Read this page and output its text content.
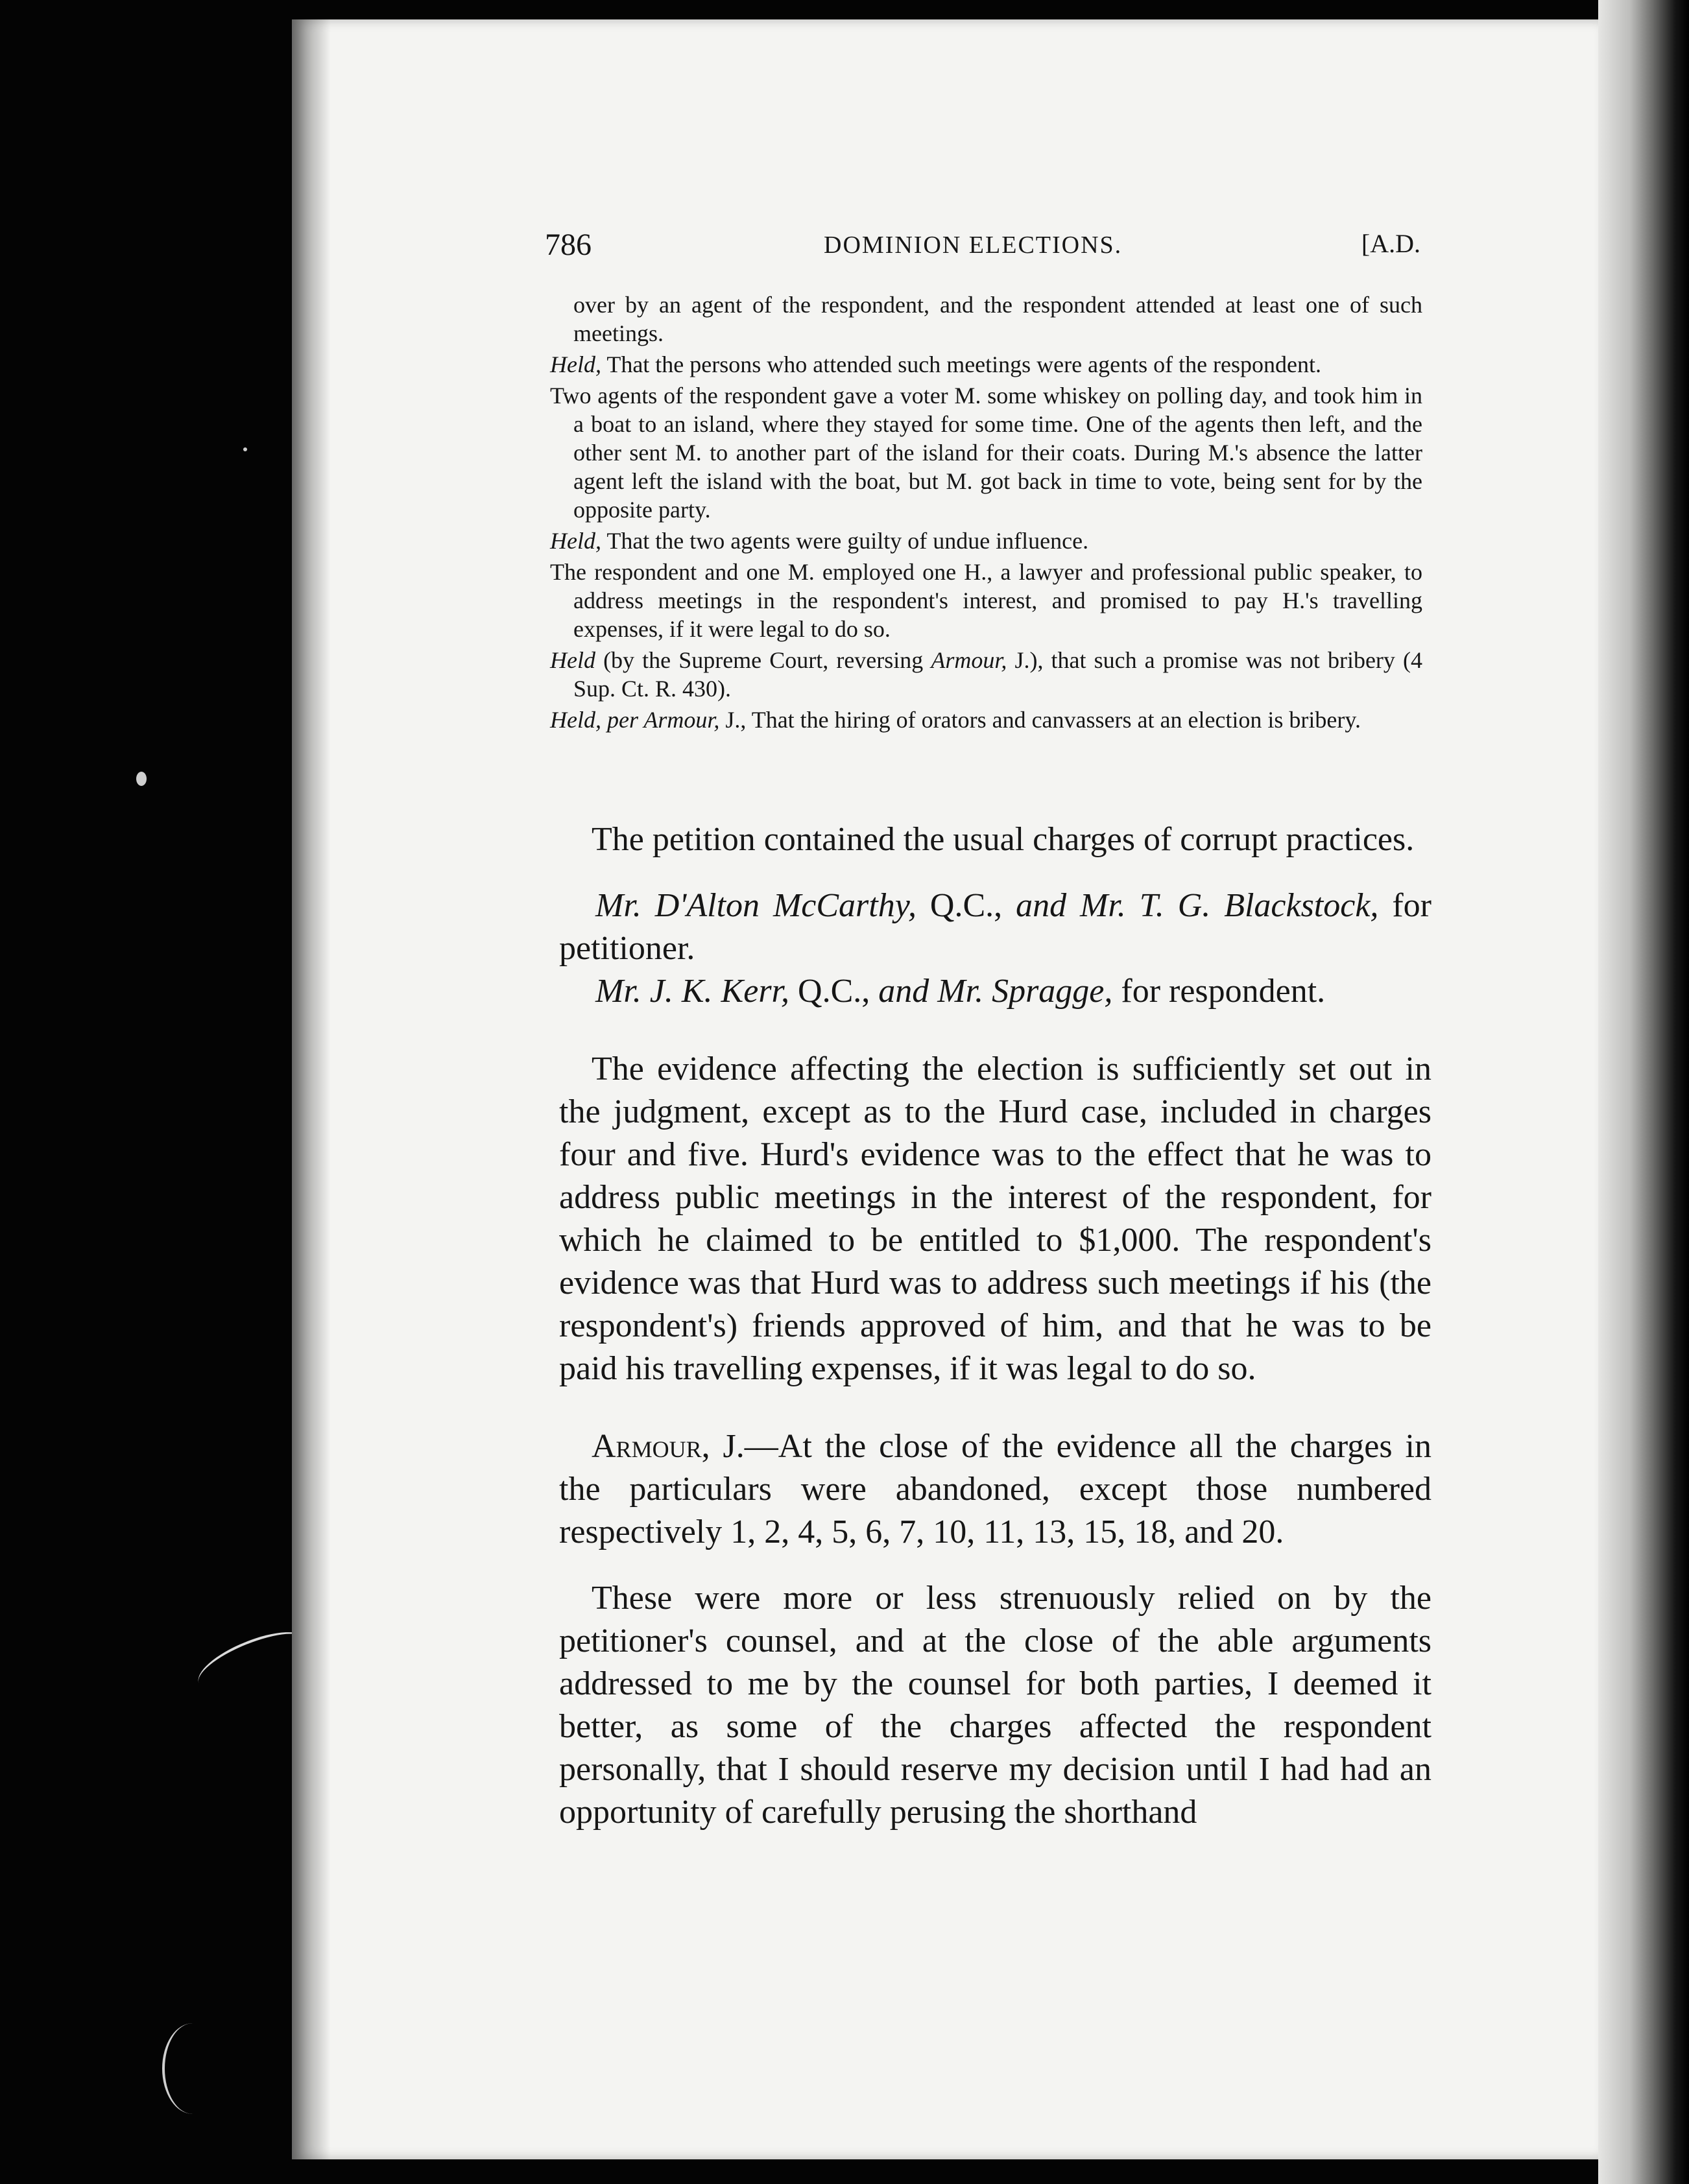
786	DOMINION ELECTIONS.	[A.D.

over by an agent of the respondent, and the respondent attended at least one of such meetings.

Held, That the persons who attended such meetings were agents of the respondent.

Two agents of the respondent gave a voter M. some whiskey on polling day, and took him in a boat to an island, where they stayed for some time. One of the agents then left, and the other sent M. to another part of the island for their coats. During M.'s absence the latter agent left the island with the boat, but M. got back in time to vote, being sent for by the opposite party.

Held, That the two agents were guilty of undue influence.

The respondent and one M. employed one H., a lawyer and professional public speaker, to address meetings in the respondent's interest, and promised to pay H.'s travelling expenses, if it were legal to do so.

Held (by the Supreme Court, reversing Armour, J.), that such a promise was not bribery (4 Sup. Ct. R. 430).

Held, per Armour, J., That the hiring of orators and canvassers at an election is bribery.

The petition contained the usual charges of corrupt practices.

Mr. D'Alton McCarthy, Q.C., and Mr. T. G. Blackstock, for petitioner.

Mr. J. K. Kerr, Q.C., and Mr. Spragge, for respondent.

The evidence affecting the election is sufficiently set out in the judgment, except as to the Hurd case, included in charges four and five. Hurd's evidence was to the effect that he was to address public meetings in the interest of the respondent, for which he claimed to be entitled to $1,000. The respondent's evidence was that Hurd was to address such meetings if his (the respondent's) friends approved of him, and that he was to be paid his travelling expenses, if it was legal to do so.

Armour, J.—At the close of the evidence all the charges in the particulars were abandoned, except those numbered respectively 1, 2, 4, 5, 6, 7, 10, 11, 13, 15, 18, and 20.

These were more or less strenuously relied on by the petitioner's counsel, and at the close of the able arguments addressed to me by the counsel for both parties, I deemed it better, as some of the charges affected the respondent personally, that I should reserve my decision until I had had an opportunity of carefully perusing the shorthand
